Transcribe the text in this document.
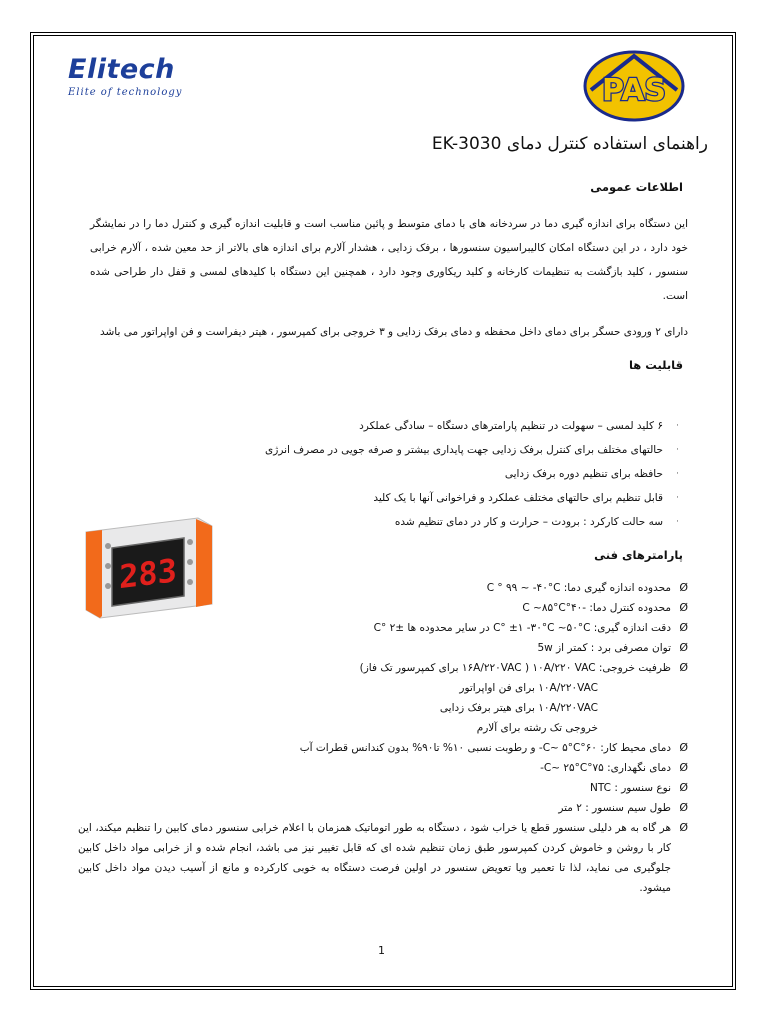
Elitech
Elite of technology	PAS
راهنمای استفاده کنترل دمای EK-3030
اطلاعات عمومی
این دستگاه برای اندازه گیری دما در سردخانه های با دمای متوسط و پائین مناسب است و قابلیت اندازه گیری و کنترل دما را در نمایشگر خود دارد ، در این دستگاه امکان کالیبراسیون سنسورها ، برفک زدایی ، هشدار آلارم برای اندازه های بالاتر از حد معین شده ، آلارم خرابی سنسور ، کلید بازگشت به تنظیمات کارخانه و کلید ریکاوری وجود دارد ، همچنین این دستگاه با کلیدهای لمسی و قفل دار طراحی شده است.
دارای ۲ ورودی حسگر برای دمای داخل محفظه و دمای برفک زدایی و ۳ خروجی برای کمپرسور ، هیتر دیفراست و فن اواپراتور می باشد
قابلیت ها
·
۶ کلید لمسی – سهولت در تنظیم پارامترهای دستگاه – سادگی عملکرد
·
حالتهای مختلف برای کنترل برفک زدایی جهت پایداری بیشتر و صرفه جویی در مصرف انرژی
·
حافظه برای تنظیم دوره برفک زدایی
·
قابل تنظیم برای حالتهای مختلف عملکرد و فراخوانی آنها با یک کلید
·
سه حالت کارکرد : برودت – حرارت و کار در دمای تنظیم شده
283	پارامترهای فنی
Ø
محدوده اندازه گیری دما: C ° ۹۹ ~ -۴۰°C
Ø
محدوده کنترل دما: -۴۰°C ~۸۵°C
Ø
دقت اندازه گیری: C° ±۱ -۳۰°C ~۵۰°C در سایر محدوده ها C° ۲±
Ø
توان مصرفی برد : کمتر از 5w
Ø
ظرفیت خروجی: ۱۰A/۲۲۰ VAC ( ۱۶A/۲۲۰VAC برای کمپرسور تک فاز)
۱۰A/۲۲۰VAC برای فن اواپراتور
۱۰A/۲۲۰VAC برای هیتر برفک زدایی
خروجی تک رشته برای آلارم
Ø
دمای محیط کار: ۶۰°C~ ۵°C- و رطوبت نسبی ۱۰% تا۹۰% بدون کندانس قطرات آب
Ø
دمای نگهداری: ۷۵°C~ ۲۵°C-
Ø
نوع سنسور : NTC
Ø
طول سیم سنسور : ۲ متر
Ø
هر گاه به هر دلیلی سنسور قطع یا خراب شود ، دستگاه به طور اتوماتیک همزمان با اعلام خرابی سنسور دمای کابین را تنظیم میکند، این کار با روشن و خاموش کردن کمپرسور طبق زمان تنظیم شده ای که قابل تغییر نیز می باشد، انجام شده و از خرابی مواد داخل کابین جلوگیری می نماید، لذا تا تعمیر ویا تعویض سنسور در اولین فرصت دستگاه به خوبی کارکرده و مانع از آسیب دیدن مواد داخل کابین میشود.
1
